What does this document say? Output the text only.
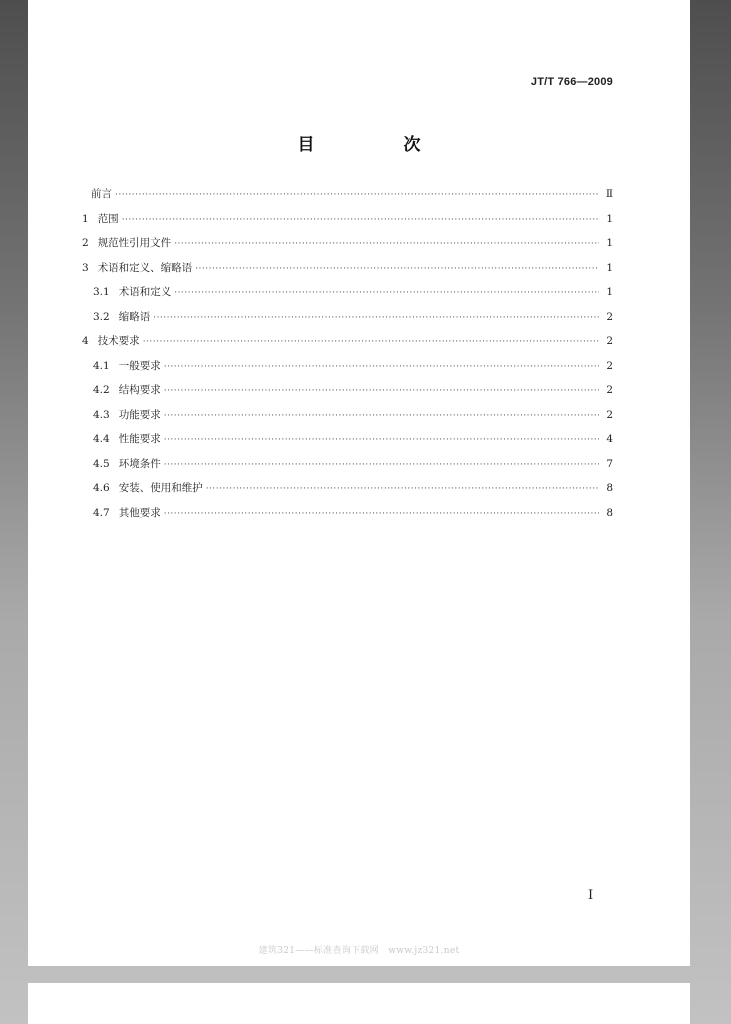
JT/T 766—2009
目　次
前言 ·····	Ⅱ
1 范围 ·····	1
2 规范性引用文件 ·····	1
3 术语和定义、缩略语 ·····	1
3.1 术语和定义 ·····	1
3.2 缩略语 ·····	2
4 技术要求 ·····	2
4.1 一般要求 ·····	2
4.2 结构要求 ·····	2
4.3 功能要求 ·····	2
4.4 性能要求 ·····	4
4.5 环境条件 ·····	7
4.6 安装、使用和维护 ·····	8
4.7 其他要求 ·····	8
I
建筑321——标准查询下载网　www.jz321.net
